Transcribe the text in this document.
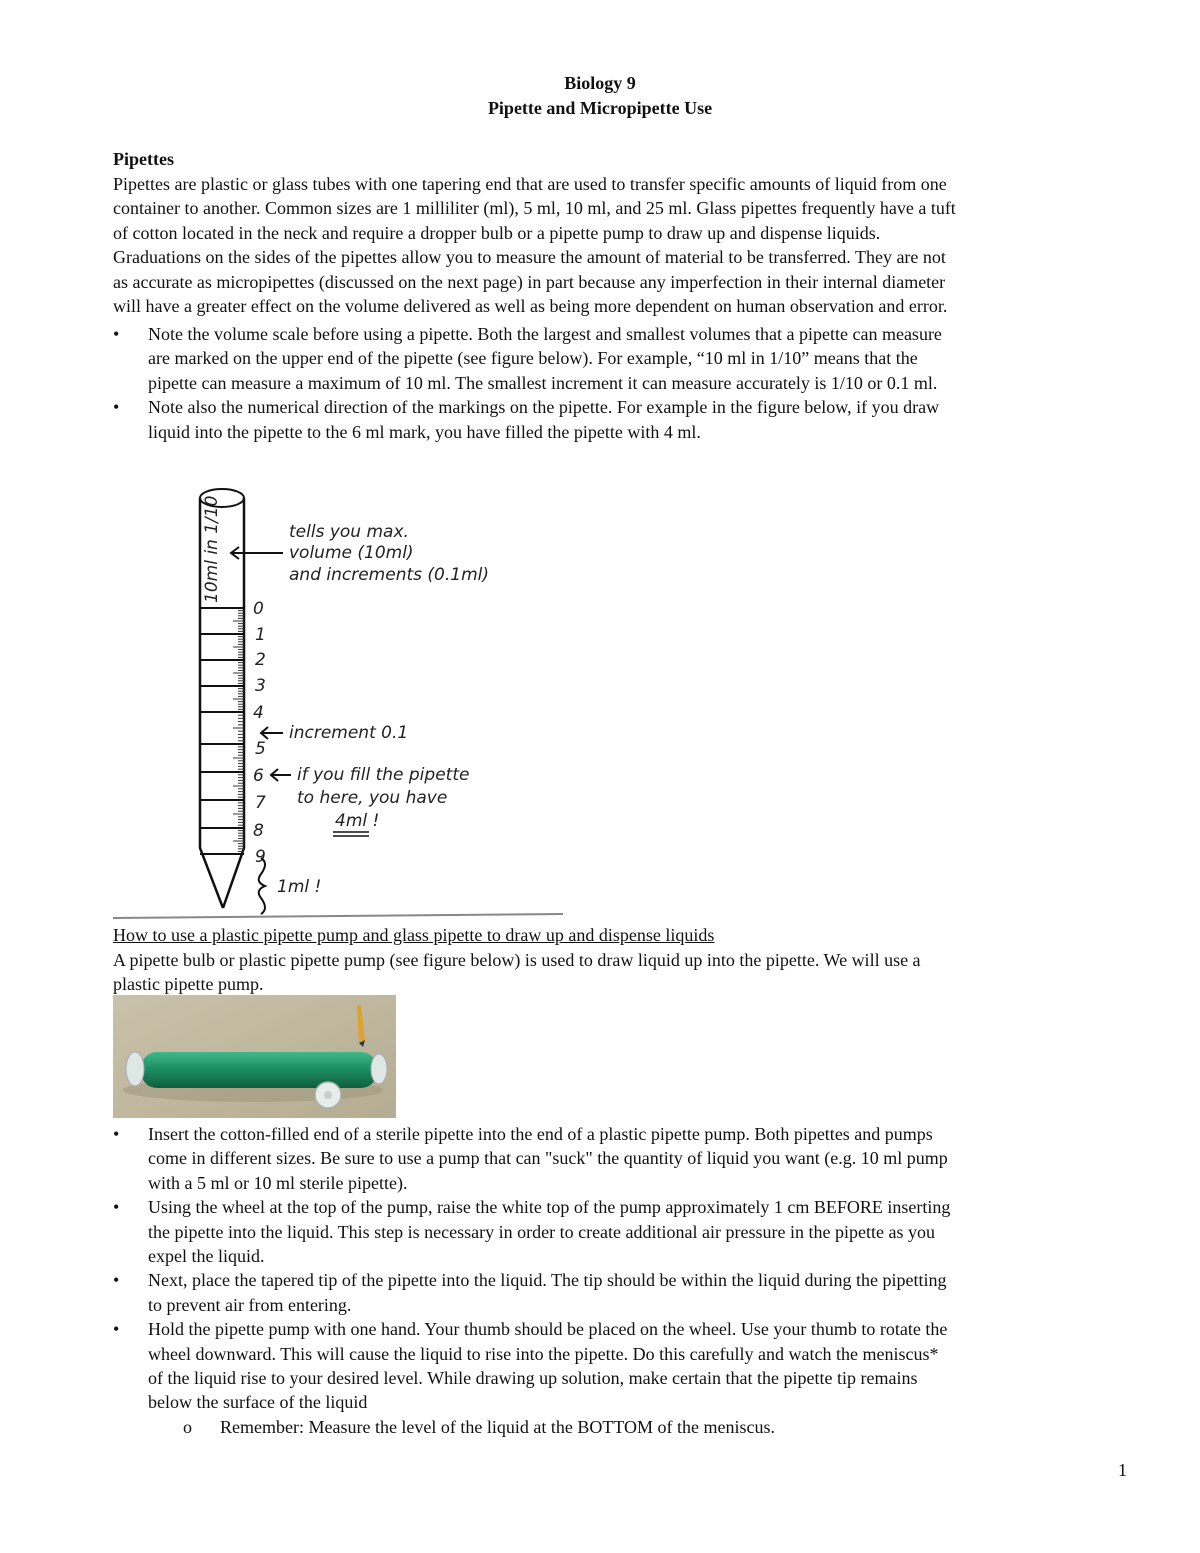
Biology 9
Pipette and Micropipette Use
Pipettes
Pipettes are plastic or glass tubes with one tapering end that are used to transfer specific amounts of liquid from one
container to another. Common sizes are 1 milliliter (ml), 5 ml, 10 ml, and 25 ml. Glass pipettes frequently have a tuft
of cotton located in the neck and require a dropper bulb or a pipette pump to draw up and dispense liquids.
Graduations on the sides of the pipettes allow you to measure the amount of material to be transferred. They are not
as accurate as micropipettes (discussed on the next page) in part because any imperfection in their internal diameter
will have a greater effect on the volume delivered as well as being more dependent on human observation and error.
• Note the volume scale before using a pipette. Both the largest and smallest volumes that a pipette can measure
are marked on the upper end of the pipette (see figure below). For example, “10 ml in 1/10” means that the
pipette can measure a maximum of 10 ml. The smallest increment it can measure accurately is 1/10 or 0.1 ml.
• Note also the numerical direction of the markings on the pipette. For example in the figure below, if you draw
liquid into the pipette to the 6 ml mark, you have filled the pipette with 4 ml.
10ml in 1/10
0
1
2
3
4
5
6
7
8
9
tells you max.
volume (10ml)
and increments (0.1ml)
increment 0.1
if you fill the pipette
to here, you have
4ml !
1ml !
How to use a plastic pipette pump and glass pipette to draw up and dispense liquids
A pipette bulb or plastic pipette pump (see figure below) is used to draw liquid up into the pipette. We will use a
plastic pipette pump.
• Insert the cotton-filled end of a sterile pipette into the end of a plastic pipette pump. Both pipettes and pumps
come in different sizes. Be sure to use a pump that can "suck" the quantity of liquid you want (e.g. 10 ml pump
with a 5 ml or 10 ml sterile pipette).
• Using the wheel at the top of the pump, raise the white top of the pump approximately 1 cm BEFORE inserting
the pipette into the liquid. This step is necessary in order to create additional air pressure in the pipette as you
expel the liquid.
• Next, place the tapered tip of the pipette into the liquid. The tip should be within the liquid during the pipetting
to prevent air from entering.
• Hold the pipette pump with one hand. Your thumb should be placed on the wheel. Use your thumb to rotate the
wheel downward. This will cause the liquid to rise into the pipette. Do this carefully and watch the meniscus*
of the liquid rise to your desired level. While drawing up solution, make certain that the pipette tip remains
below the surface of the liquid
o Remember: Measure the level of the liquid at the BOTTOM of the meniscus.
1
